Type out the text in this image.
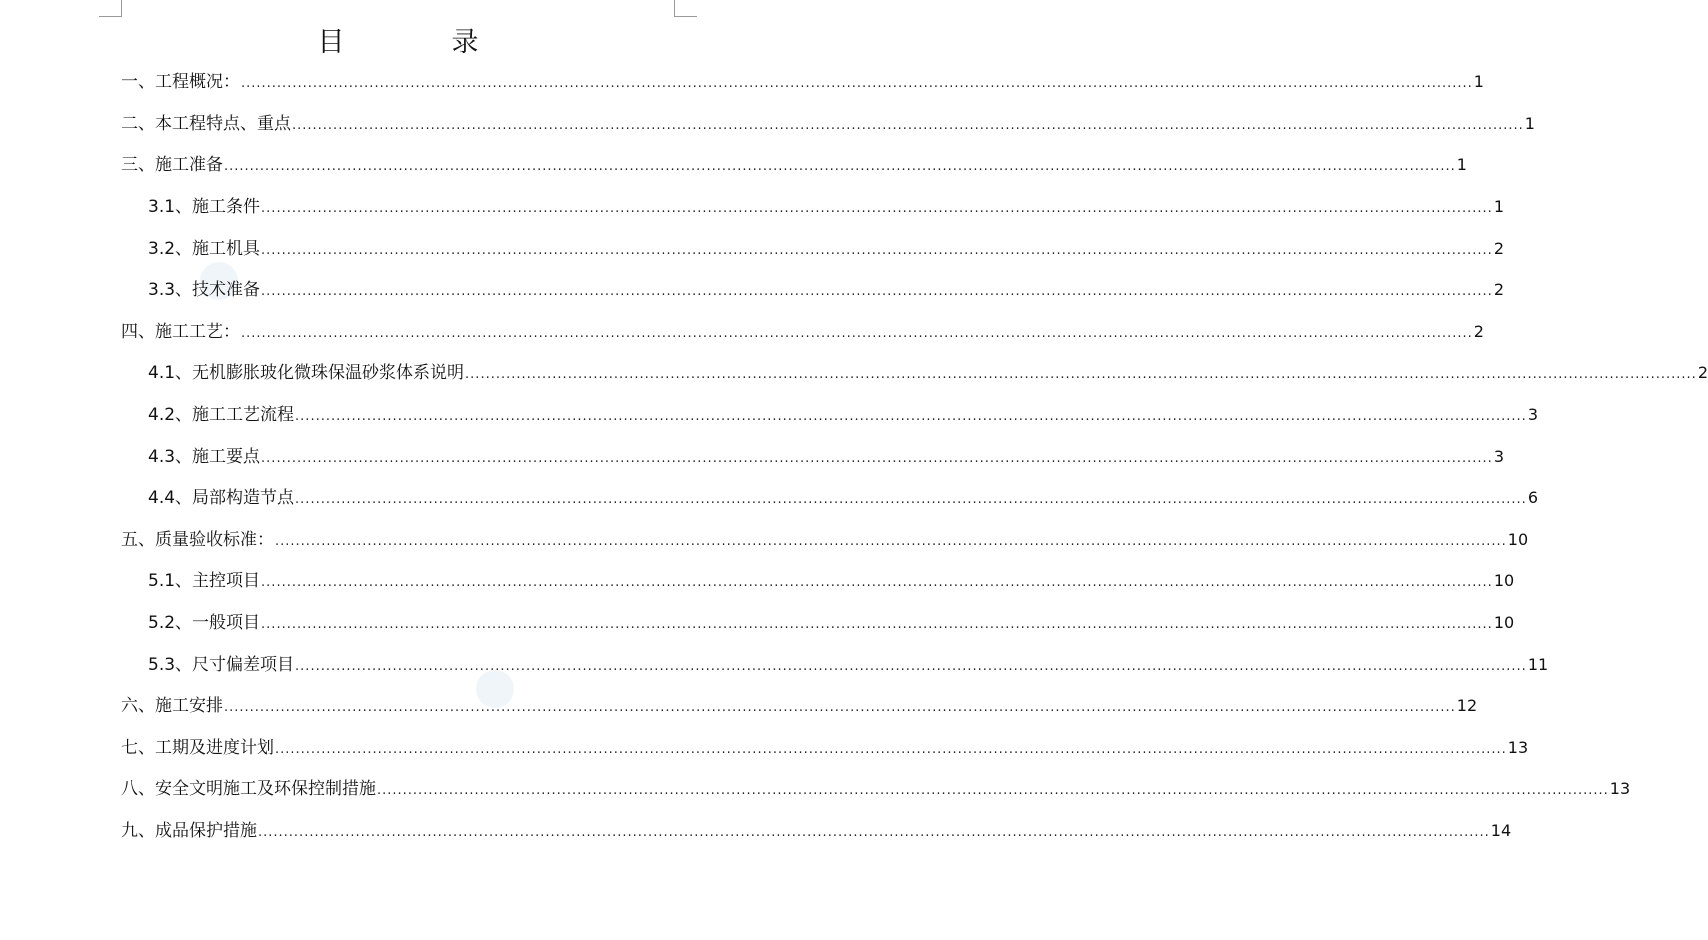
目　录
一、工程概况： ................................................................................................................................................................................................................................................ 1
二、本工程特点、重点 ................................................................................................................................................................................................................................................ 1
三、施工准备 ................................................................................................................................................................................................................................................ 1
3.1、施工条件 ................................................................................................................................................................................................................................................ 1
3.2、施工机具 ................................................................................................................................................................................................................................................ 2
3.3、技术准备 ................................................................................................................................................................................................................................................ 2
四、施工工艺： ................................................................................................................................................................................................................................................ 2
4.1、无机膨胀玻化微珠保温砂浆体系说明 ................................................................................................................................................................................................................................................ 2
4.2、施工工艺流程 ................................................................................................................................................................................................................................................ 3
4.3、施工要点 ................................................................................................................................................................................................................................................ 3
4.4、局部构造节点 ................................................................................................................................................................................................................................................ 6
五、质量验收标准： ................................................................................................................................................................................................................................................ 10
5.1、主控项目 ................................................................................................................................................................................................................................................ 10
5.2、一般项目 ................................................................................................................................................................................................................................................ 10
5.3、尺寸偏差项目 ................................................................................................................................................................................................................................................ 11
六、施工安排 ................................................................................................................................................................................................................................................ 12
七、工期及进度计划 ................................................................................................................................................................................................................................................ 13
八、安全文明施工及环保控制措施 ................................................................................................................................................................................................................................................ 13
九、成品保护措施 ................................................................................................................................................................................................................................................ 14
